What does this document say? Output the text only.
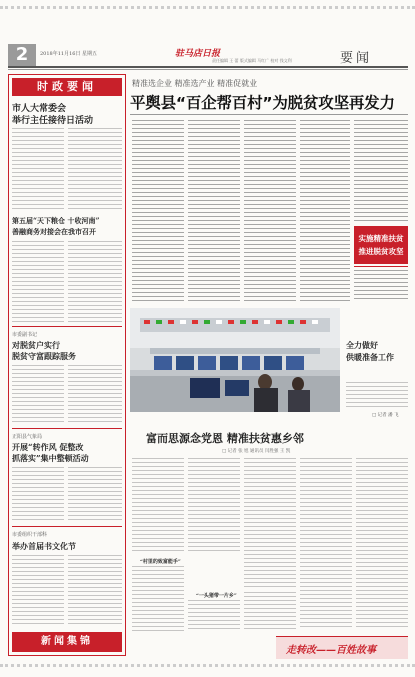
2	2018年11月16日 星期五	驻马店日报
责任编辑 王 蕾 版式编辑 马红广 校对 钱文利	要闻
时政要闻
市人大常委会
举行主任接待日活动
第五届“天下粮仓 十收河南”
善融商务对接会在我市召开
市委副书记
对脱贫户实行
脱贫守富跟踪服务
正阳县气象局
开展“转作风 促整改
抓落实”集中整顿活动
市委组织干部科
举办首届书文化节
新闻集锦
精准选企业 精准选产业 精准促就业
平舆县“百企帮百村”为脱贫攻坚再发力
实施精准扶贫
推进脱贫攻坚
全力做好
供暖准备工作
□ 记者 潘 飞
富而思源念党恩 精准扶贫惠乡邻
□ 记者 张 旭 通讯员 闫胜强 王 凯
“村里的致富能手”
“一头猪带一片乡”
走转改——百姓故事
